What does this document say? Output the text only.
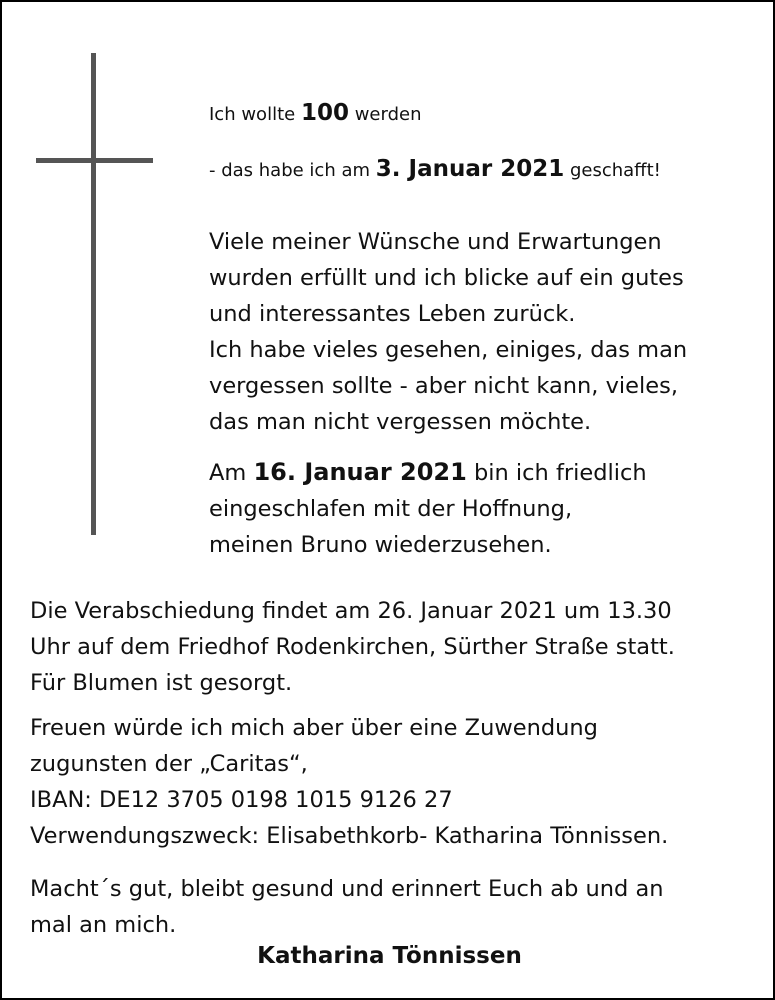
Ich wollte 100 werden
- das habe ich am 3. Januar 2021 geschafft!
Viele meiner Wünsche und Erwartungen
wurden erfüllt und ich blicke auf ein gutes
und interessantes Leben zurück.
Ich habe vieles gesehen, einiges, das man
vergessen sollte - aber nicht kann, vieles,
das man nicht vergessen möchte.
Am 16. Januar 2021 bin ich friedlich
eingeschlafen mit der Hoffnung,
meinen Bruno wiederzusehen.
Die Verabschiedung findet am 26. Januar 2021 um 13.30
Uhr auf dem Friedhof Rodenkirchen, Sürther Straße statt.
Für Blumen ist gesorgt.
Freuen würde ich mich aber über eine Zuwendung
zugunsten der „Caritas“,
IBAN: DE12 3705 0198 1015 9126 27
Verwendungszweck: Elisabethkorb- Katharina Tönnissen.
Macht´s gut, bleibt gesund und erinnert Euch ab und an
mal an mich.
Katharina Tönnissen
